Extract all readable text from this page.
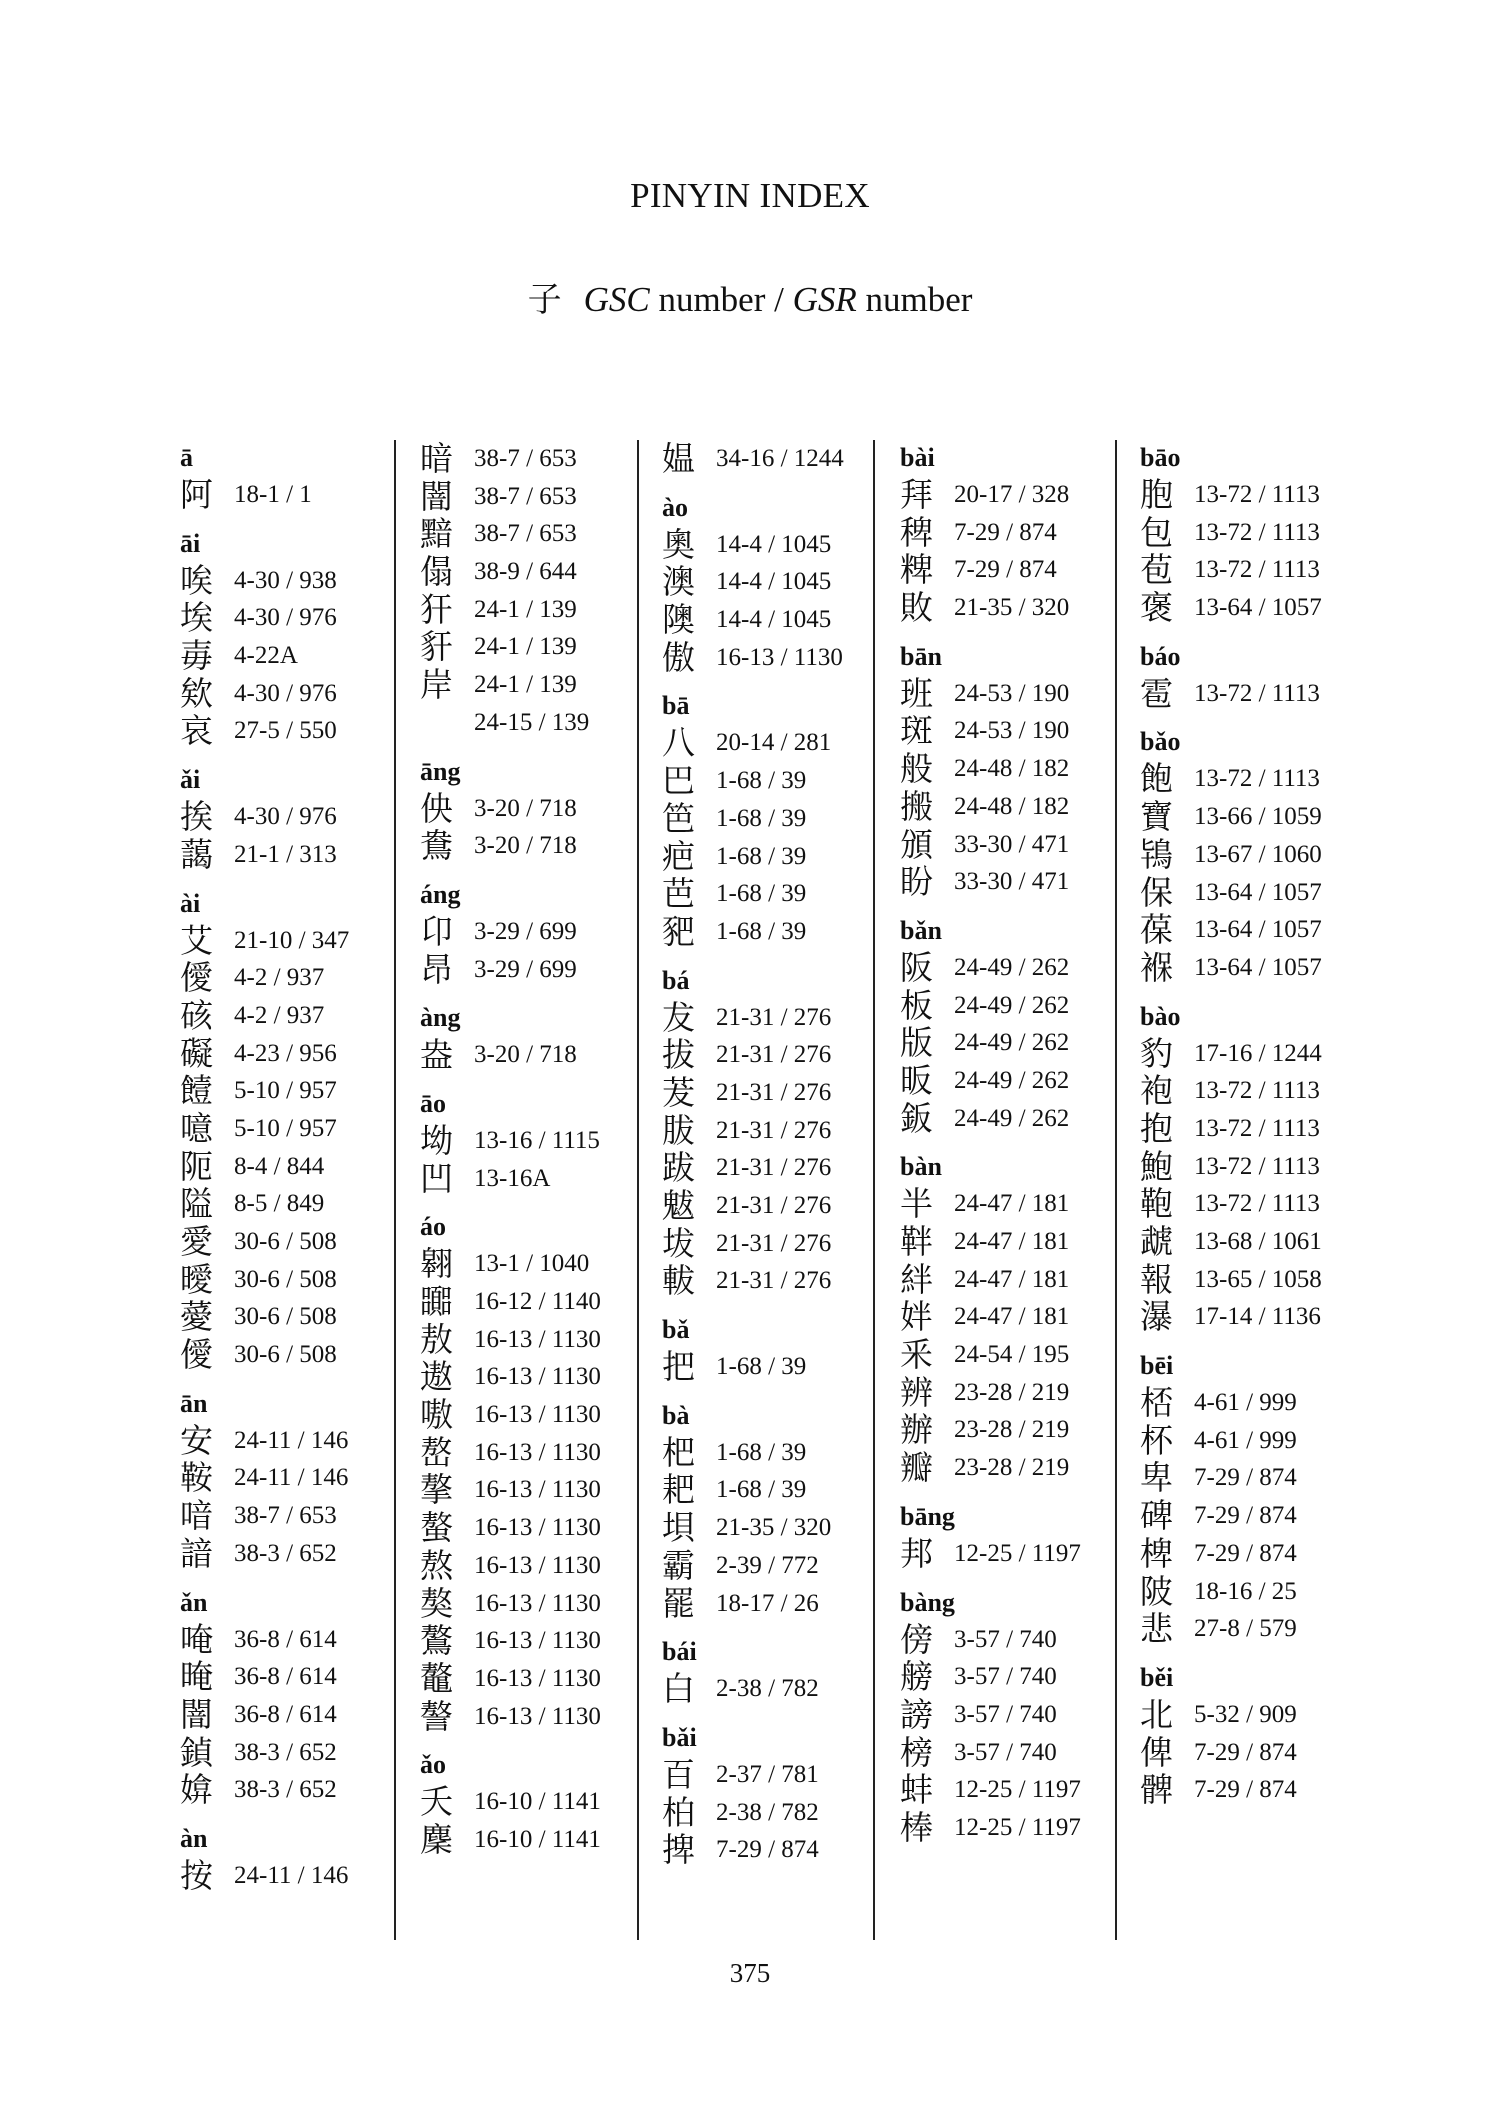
PINYIN INDEX
子 GSC number / GSR number
ā
阿 18-1 / 1
āi
唉 4-30 / 938
埃 4-30 / 976
毐 4-22A
欸 4-30 / 976
哀 27-5 / 550
ǎi
挨 4-30 / 976
藹 21-1 / 313
ài
艾 21-10 / 347
僾 4-2 / 937
硋 4-2 / 937
礙 4-23 / 956
饐 5-10 / 957
噫 5-10 / 957
阨 8-4 / 844
隘 8-5 / 849
愛 30-6 / 508
曖 30-6 / 508
薆 30-6 / 508
僾 30-6 / 508
ān
安 24-11 / 146
鞍 24-11 / 146
喑 38-7 / 653
諳 38-3 / 652
ǎn
唵 36-8 / 614
晻 36-8 / 614
闇 36-8 / 614
鍞 38-3 / 652
媕 38-3 / 652
àn
按 24-11 / 146
暗 38-7 / 653
闇 38-7 / 653
黯 38-7 / 653
傝 38-9 / 644
犴 24-1 / 139
豻 24-1 / 139
岸 24-1 / 139
24-15 / 139
āng
佒 3-20 / 718
鴦 3-20 / 718
áng
卬 3-29 / 699
昂 3-29 / 699
àng
盎 3-20 / 718
āo
坳 13-16 / 1115
凹 13-16A
áo
翱 13-1 / 1040
嚻 16-12 / 1140
敖 16-13 / 1130
遨 16-13 / 1130
嗷 16-13 / 1130
嶅 16-13 / 1130
摮 16-13 / 1130
螯 16-13 / 1130
熬 16-13 / 1130
獒 16-13 / 1130
鷔 16-13 / 1130
鼇 16-13 / 1130
謷 16-13 / 1130
ǎo
夭 16-10 / 1141
麇 16-10 / 1141
媪 34-16 / 1244
ào
奧 14-4 / 1045
澳 14-4 / 1045
隩 14-4 / 1045
傲 16-13 / 1130
bā
八 20-14 / 281
巴 1-68 / 39
笆 1-68 / 39
疤 1-68 / 39
芭 1-68 / 39
豝 1-68 / 39
bá
犮 21-31 / 276
拔 21-31 / 276
茇 21-31 / 276
胈 21-31 / 276
跋 21-31 / 276
魃 21-31 / 276
坺 21-31 / 276
軷 21-31 / 276
bǎ
把 1-68 / 39
bà
杷 1-68 / 39
耙 1-68 / 39
垻 21-35 / 320
霸 2-39 / 772
罷 18-17 / 26
bái
白 2-38 / 782
bǎi
百 2-37 / 781
柏 2-38 / 782
捭 7-29 / 874
bài
拜 20-17 / 328
稗 7-29 / 874
粺 7-29 / 874
敗 21-35 / 320
bān
班 24-53 / 190
斑 24-53 / 190
般 24-48 / 182
搬 24-48 / 182
頒 33-30 / 471
盼 33-30 / 471
bǎn
阪 24-49 / 262
板 24-49 / 262
版 24-49 / 262
昄 24-49 / 262
鈑 24-49 / 262
bàn
半 24-47 / 181
靽 24-47 / 181
絆 24-47 / 181
姅 24-47 / 181
釆 24-54 / 195
辨 23-28 / 219
辦 23-28 / 219
瓣 23-28 / 219
bāng
邦 12-25 / 1197
bàng
傍 3-57 / 740
艕 3-57 / 740
謗 3-57 / 740
榜 3-57 / 740
蚌 12-25 / 1197
棒 12-25 / 1197
bāo
胞 13-72 / 1113
包 13-72 / 1113
苞 13-72 / 1113
褒 13-64 / 1057
báo
雹 13-72 / 1113
bǎo
飽 13-72 / 1113
寶 13-66 / 1059
鴇 13-67 / 1060
保 13-64 / 1057
葆 13-64 / 1057
褓 13-64 / 1057
bào
豹 17-16 / 1244
袍 13-72 / 1113
抱 13-72 / 1113
鮑 13-72 / 1113
鞄 13-72 / 1113
虣 13-68 / 1061
報 13-65 / 1058
瀑 17-14 / 1136
bēi
桮 4-61 / 999
杯 4-61 / 999
卑 7-29 / 874
碑 7-29 / 874
椑 7-29 / 874
陂 18-16 / 25
悲 27-8 / 579
běi
北 5-32 / 909
俾 7-29 / 874
髀 7-29 / 874
375
